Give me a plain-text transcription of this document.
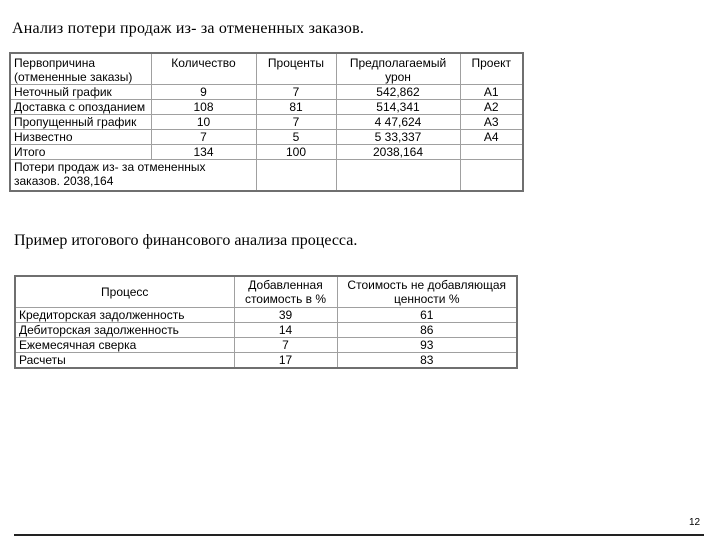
Анализ потери продаж из- за отмененных заказов.
Первопричина (отмененные заказы)	Количество	Проценты	Предполагаемый урон	Проект
Неточный график	9	7	542,862	A1
Доставка с опозданием	108	81	514,341	A2
Пропущенный график	10	7	4 47,624	A3
Низвестно	7	5	5 33,337	A4
Итого	134	100	2038,164	
Потери продаж из- за отмененных заказов. 2038,164				
Пример итогового финансового анализа процесса.
Процесс	Добавленная стоимость в %	Стоимость не добавляющая ценности %
Кредиторская задолженность	39	61
Дебиторская задолженность	14	86
Ежемесячная сверка	7	93
Расчеты	17	83
12
